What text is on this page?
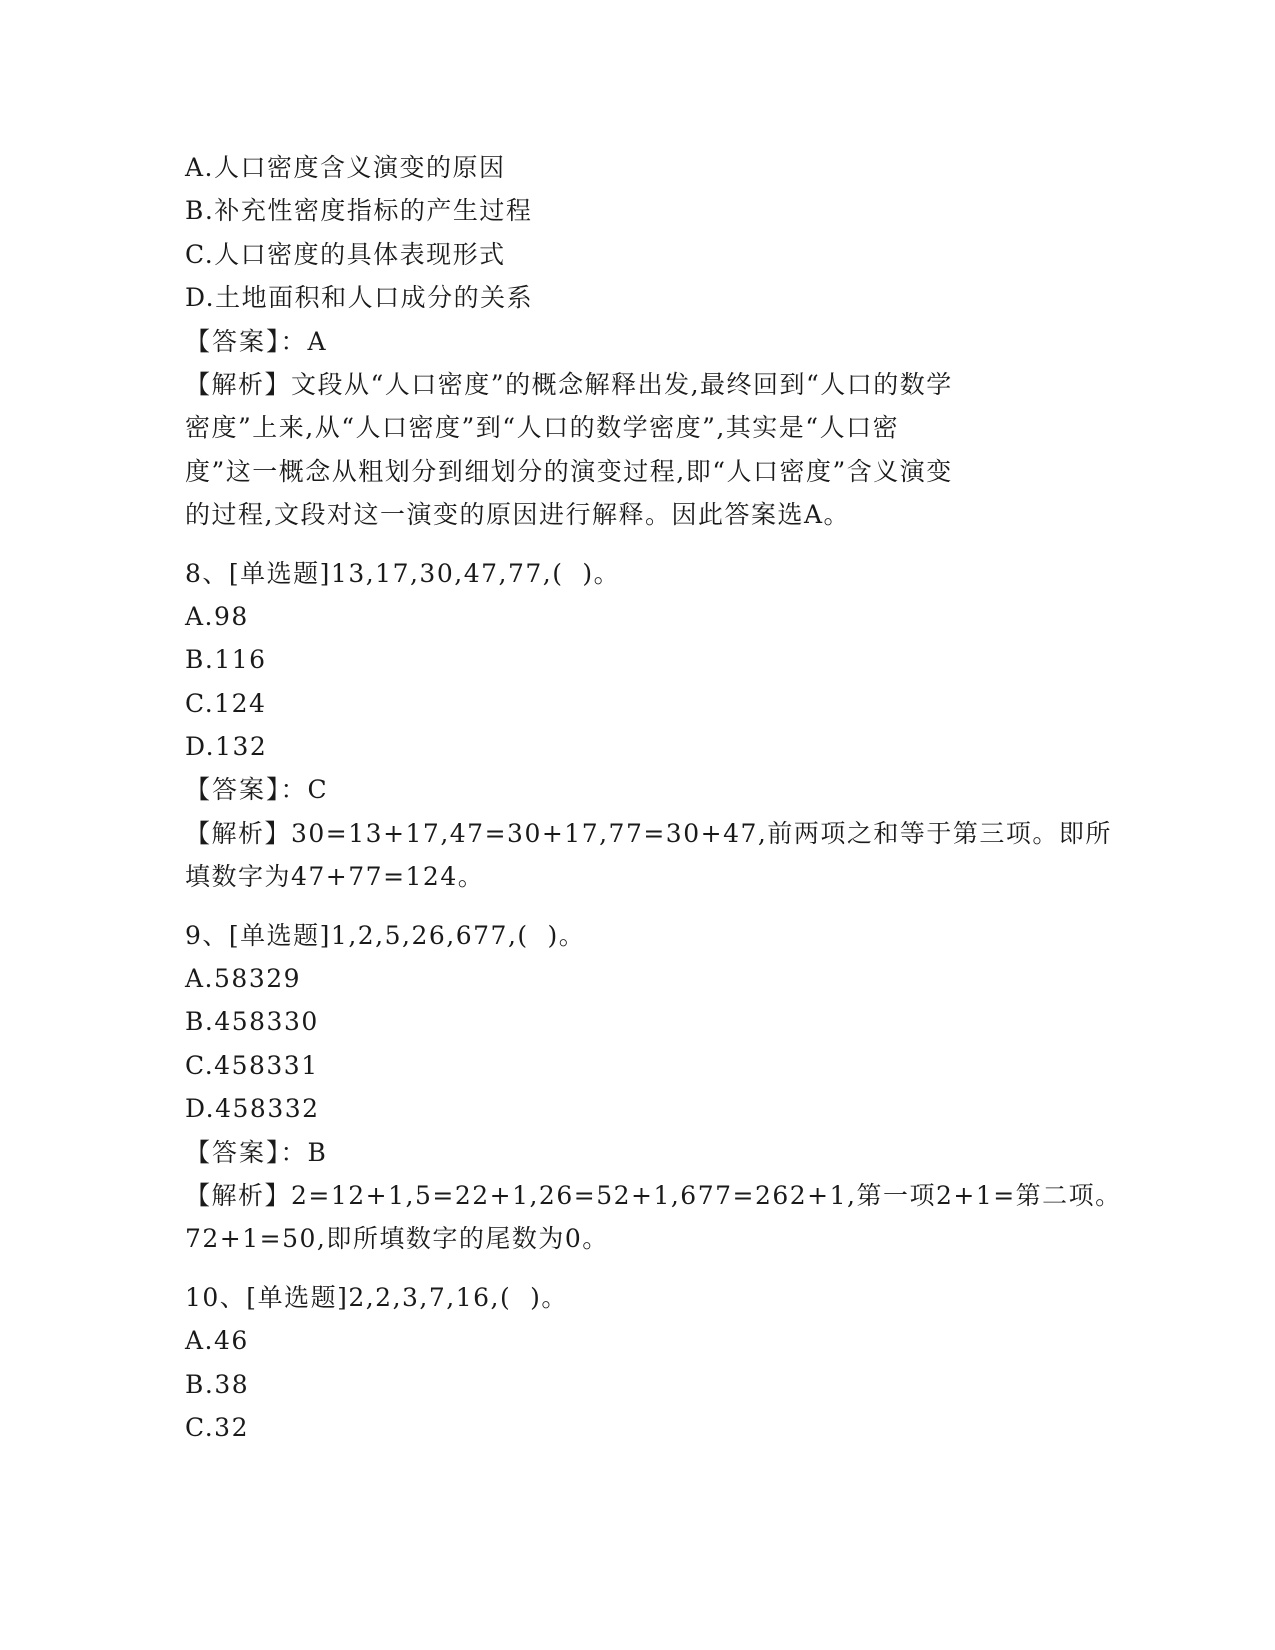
A.人口密度含义演变的原因
B.补充性密度指标的产生过程
C.人口密度的具体表现形式
D.土地面积和人口成分的关系
【答案】：A
【解析】文段从“人口密度”的概念解释出发,最终回到“人口的数学
密度”上来,从“人口密度”到“人口的数学密度”,其实是“人口密
度”这一概念从粗划分到细划分的演变过程,即“人口密度”含义演变
的过程,文段对这一演变的原因进行解释。因此答案选A。
8、[单选题]13,17,30,47,77,(  )。
A.98
B.116
C.124
D.132
【答案】：C
【解析】30=13+17,47=30+17,77=30+47,前两项之和等于第三项。即所
填数字为47+77=124。
9、[单选题]1,2,5,26,677,(  )。
A.58329
B.458330
C.458331
D.458332
【答案】：B
【解析】2=12+1,5=22+1,26=52+1,677=262+1,第一项2+1=第二项。
72+1=50,即所填数字的尾数为0。
10、[单选题]2,2,3,7,16,(  )。
A.46
B.38
C.32
